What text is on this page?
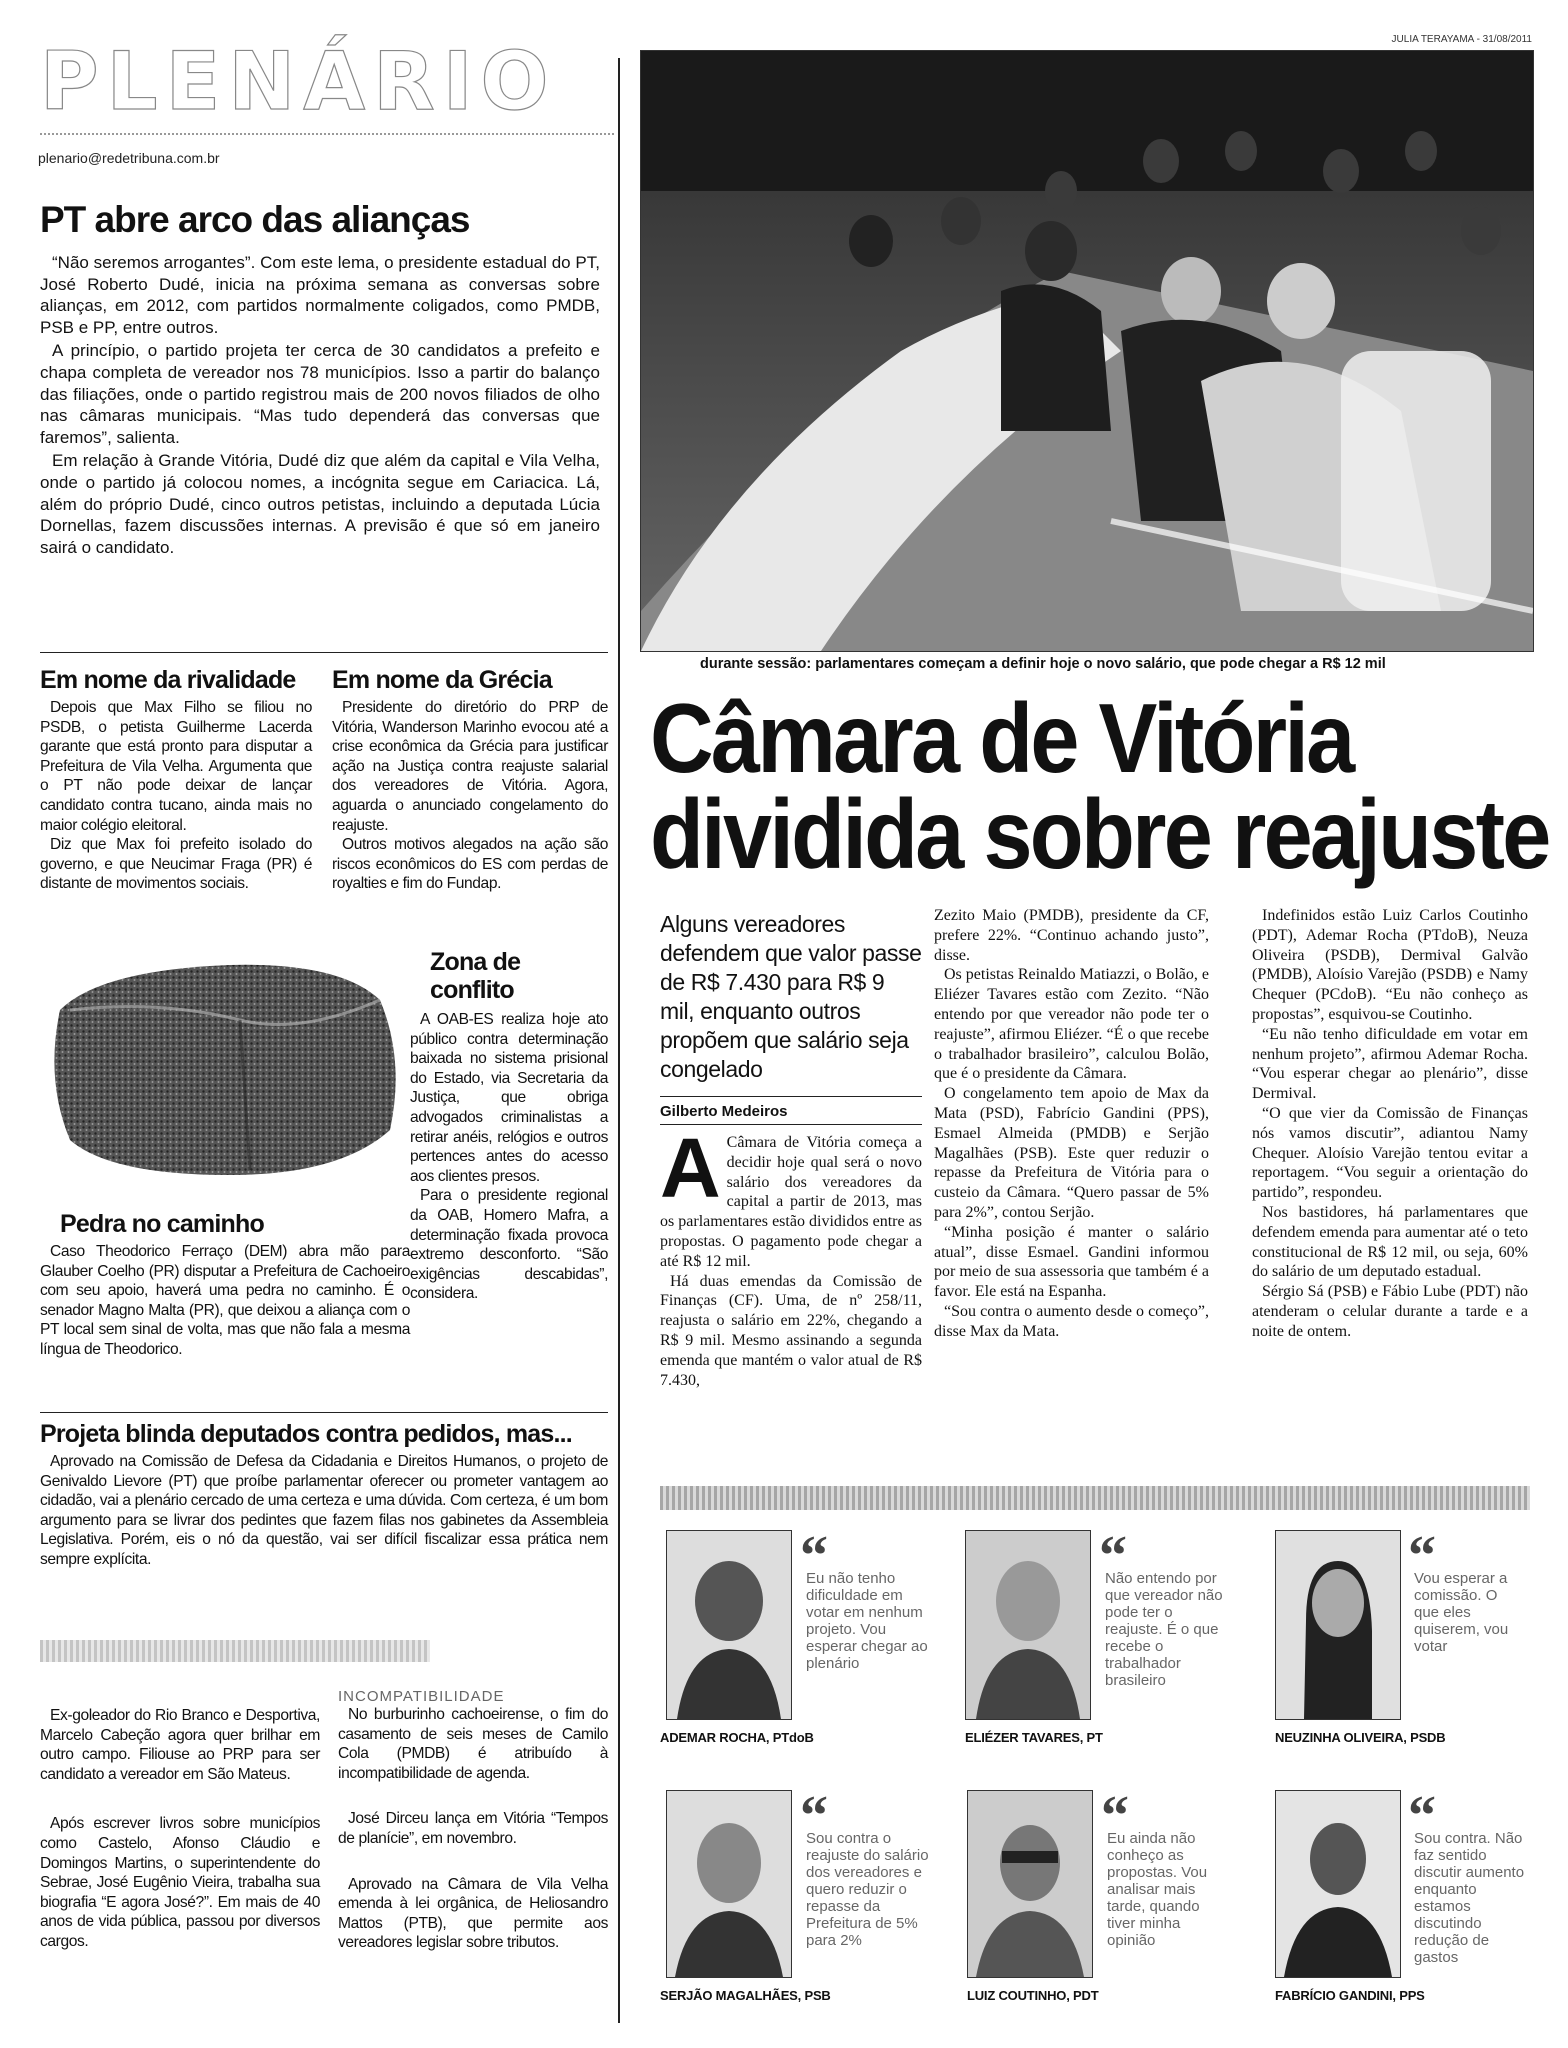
PLENÁRIO
plenario@redetribuna.com.br
PT abre arco das alianças

“Não seremos arrogantes”. Com este lema, o presidente estadual do PT, José Roberto Dudé, inicia na próxima semana as conversas sobre alianças, em 2012, com partidos normalmente coligados, como PMDB, PSB e PP, entre outros.

A princípio, o partido projeta ter cerca de 30 candidatos a prefeito e chapa completa de vereador nos 78 municípios. Isso a partir do balanço das filiações, onde o partido registrou mais de 200 novos filiados de olho nas câmaras municipais. “Mas tudo dependerá das conversas que faremos”, salienta.

Em relação à Grande Vitória, Dudé diz que além da capital e Vila Velha, onde o partido já colocou nomes, a incógnita segue em Cariacica. Lá, além do próprio Dudé, cinco outros petistas, incluindo a deputada Lúcia Dornellas, fazem discussões internas. A previsão é que só em janeiro sairá o candidato.

Em nome da rivalidade

Depois que Max Filho se filiou no PSDB, o petista Guilherme Lacerda garante que está pronto para disputar a Prefeitura de Vila Velha. Argumenta que o PT não pode deixar de lançar candidato contra tucano, ainda mais no maior colégio eleitoral.

Diz que Max foi prefeito isolado do governo, e que Neucimar Fraga (PR) é distante de movimentos sociais.

Em nome da Grécia

Presidente do diretório do PRP de Vitória, Wanderson Marinho evocou até a crise econômica da Grécia para justificar ação na Justiça contra reajuste salarial dos vereadores de Vitória. Agora, aguarda o anunciado congelamento do reajuste.

Outros motivos alegados na ação são riscos econômicos do ES com perdas de royalties e fim do Fundap.

Zona de conflito

A OAB-ES realiza hoje ato público contra determinação baixada no sistema prisional do Estado, via Secretaria da Justiça, que obriga advogados criminalistas a retirar anéis, relógios e outros pertences antes do acesso aos clientes presos.

Para o presidente regional da OAB, Homero Mafra, a determinação fixada provoca extremo desconforto. “São exigências descabidas”, considera.

Pedra no caminho

Caso Theodorico Ferraço (DEM) abra mão para Glauber Coelho (PR) disputar a Prefeitura de Cachoeiro com seu apoio, haverá uma pedra no caminho. É o senador Magno Malta (PR), que deixou a aliança com o PT local sem sinal de volta, mas que não fala a mesma língua de Theodorico.

Projeta blinda deputados contra pedidos, mas...

Aprovado na Comissão de Defesa da Cidadania e Direitos Humanos, o projeto de Genivaldo Lievore (PT) que proíbe parlamentar oferecer ou prometer vantagem ao cidadão, vai a plenário cercado de uma certeza e uma dúvida. Com certeza, é um bom argumento para se livrar dos pedintes que fazem filas nos gabinetes da Assembleia Legislativa. Porém, eis o nó da questão, vai ser difícil fiscalizar essa prática nem sempre explícita.

Ex-goleador do Rio Branco e Desportiva, Marcelo Cabeção agora quer brilhar em outro campo. Filiouse ao PRP para ser candidato a vereador em São Mateus.

Após escrever livros sobre municípios como Castelo, Afonso Cláudio e Domingos Martins, o superintendente do Sebrae, José Eugênio Vieira, trabalha sua biografia “E agora José?”. Em mais de 40 anos de vida pública, passou por diversos cargos.

INCOMPATIBILIDADE

No burburinho cachoeirense, o fim do casamento de seis meses de Camilo Cola (PMDB) é atribuído à incompatibilidade de agenda.

José Dirceu lança em Vitória “Tempos de planície”, em novembro.

Aprovado na Câmara de Vila Velha emenda à lei orgânica, de Heliosandro Mattos (PTB), que permite aos vereadores legislar sobre tributos.

JULIA TERAYAMA - 31/08/2011
durante sessão: parlamentares começam a definir hoje o novo salário, que pode chegar a R$ 12 mil
Câmara de Vitória
dividida sobre reajuste
Alguns vereadores defendem que valor passe de R$ 7.430 para R$ 9 mil, enquanto outros propõem que salário seja congelado
Gilberto Medeiros
A Câmara de Vitória começa a decidir hoje qual será o novo salário dos vereadores da capital a partir de 2013, mas os parlamentares estão divididos entre as propostas. O pagamento pode chegar a até R$ 12 mil.

Há duas emendas da Comissão de Finanças (CF). Uma, de nº 258/11, reajusta o salário em 22%, chegando a R$ 9 mil. Mesmo assinando a segunda emenda que mantém o valor atual de R$ 7.430,

Zezito Maio (PMDB), presidente da CF, prefere 22%. “Continuo achando justo”, disse.

Os petistas Reinaldo Matiazzi, o Bolão, e Eliézer Tavares estão com Zezito. “Não entendo por que vereador não pode ter o reajuste”, afirmou Eliézer. “É o que recebe o trabalhador brasileiro”, calculou Bolão, que é o presidente da Câmara.

O congelamento tem apoio de Max da Mata (PSD), Fabrício Gandini (PPS), Esmael Almeida (PMDB) e Serjão Magalhães (PSB). Este quer reduzir o repasse da Prefeitura de Vitória para o custeio da Câmara. “Quero passar de 5% para 2%”, contou Serjão.

“Minha posição é manter o salário atual”, disse Esmael. Gandini informou por meio de sua assessoria que também é a favor. Ele está na Espanha.

“Sou contra o aumento desde o começo”, disse Max da Mata.

Indefinidos estão Luiz Carlos Coutinho (PDT), Ademar Rocha (PTdoB), Neuza Oliveira (PSDB), Dermival Galvão (PMDB), Aloísio Varejão (PSDB) e Namy Chequer (PCdoB). “Eu não conheço as propostas”, esquivou-se Coutinho.

“Eu não tenho dificuldade em votar em nenhum projeto”, afirmou Ademar Rocha. “Vou esperar chegar ao plenário”, disse Dermival.

“O que vier da Comissão de Finanças nós vamos discutir”, adiantou Namy Chequer. Aloísio Varejão tentou evitar a reportagem. “Vou seguir a orientação do partido”, respondeu.

Nos bastidores, há parlamentares que defendem emenda para aumentar até o teto constitucional de R$ 12 mil, ou seja, 60% do salário de um deputado estadual.

Sérgio Sá (PSB) e Fábio Lube (PDT) não atenderam o celular durante a tarde e a noite de ontem.

“
Eu não tenho dificuldade em votar em nenhum projeto. Vou esperar chegar ao plenário
ADEMAR ROCHA, PTdoB
“
Não entendo por que vereador não pode ter o reajuste. É o que recebe o trabalhador brasileiro
ELIÉZER TAVARES, PT
“
Vou esperar a comissão. O que eles quiserem, vou votar
NEUZINHA OLIVEIRA, PSDB
“
Sou contra o reajuste do salário dos vereadores e quero reduzir o repasse da Prefeitura de 5% para 2%
SERJÃO MAGALHÃES, PSB
“
Eu ainda não conheço as propostas. Vou analisar mais tarde, quando tiver minha opinião
LUIZ COUTINHO, PDT
“
Sou contra. Não faz sentido discutir aumento enquanto estamos discutindo redução de gastos
FABRÍCIO GANDINI, PPS
